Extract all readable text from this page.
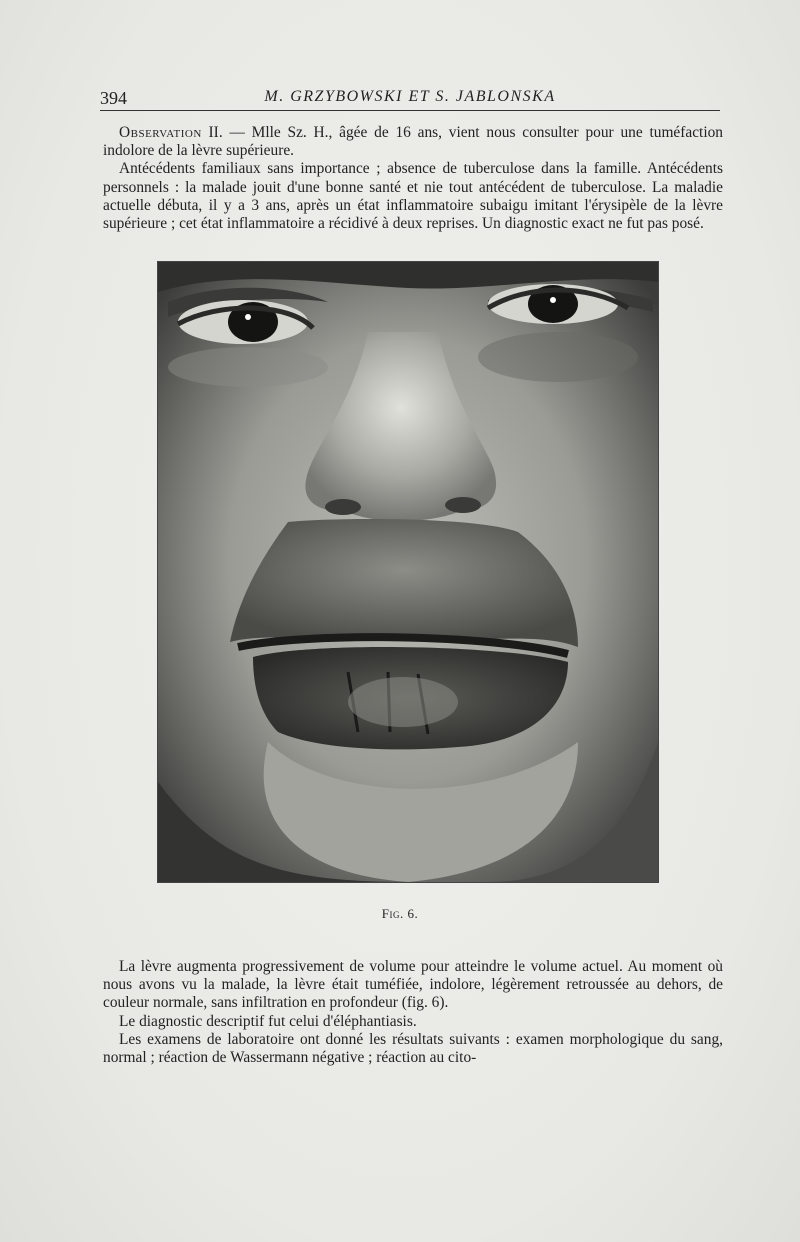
394	M. GRZYBOWSKI ET S. JABLONSKA

Observation II. — Mlle Sz. H., âgée de 16 ans, vient nous consulter pour une tuméfaction indolore de la lèvre supérieure.

Antécédents familiaux sans importance ; absence de tuberculose dans la famille. Antécédents personnels : la malade jouit d'une bonne santé et nie tout antécédent de tuberculose. La maladie actuelle débuta, il y a 3 ans, après un état inflammatoire subaigu imitant l'érysipèle de la lèvre supérieure ; cet état inflammatoire a récidivé à deux reprises. Un diagnostic exact ne fut pas posé.

Fig. 6.

La lèvre augmenta progressivement de volume pour atteindre le volume actuel. Au moment où nous avons vu la malade, la lèvre était tuméfiée, indolore, légèrement retroussée au dehors, de couleur normale, sans infiltration en profondeur (fig. 6).

Le diagnostic descriptif fut celui d'éléphantiasis.

Les examens de laboratoire ont donné les résultats suivants : examen morphologique du sang, normal ; réaction de Wassermann négative ; réaction au cito-
